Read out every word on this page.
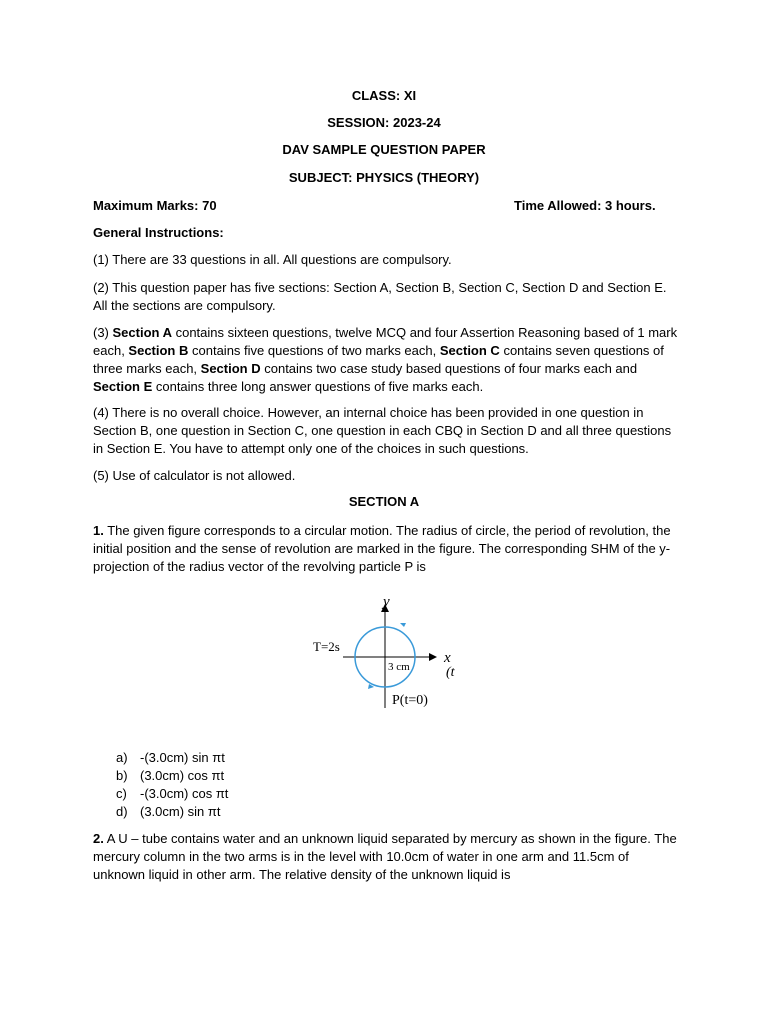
CLASS: XI
SESSION: 2023-24
DAV SAMPLE QUESTION PAPER
SUBJECT: PHYSICS (THEORY)
Maximum Marks: 70	Time Allowed: 3 hours.
General Instructions:
(1) There are 33 questions in all. All questions are compulsory.
(2) This question paper has five sections: Section A, Section B, Section C, Section D and Section E. All the sections are compulsory.
(3) Section A contains sixteen questions, twelve MCQ and four Assertion Reasoning based of 1 mark each, Section B contains five questions of two marks each, Section C contains seven questions of three marks each, Section D contains two case study based questions of four marks each and Section E contains three long answer questions of five marks each.
(4) There is no overall choice. However, an internal choice has been provided in one question in Section B, one question in Section C, one question in each CBQ in Section D and all three questions in Section E. You have to attempt only one of the choices in such questions.
(5) Use of calculator is not allowed.
SECTION A
1. The given figure corresponds to a circular motion. The radius of circle, the period of revolution, the initial position and the sense of revolution are marked in the figure. The corresponding SHM of the y-projection of the radius vector of the revolving particle P is
y
x
T=2s
3 cm	(t
P(t=0)
a) -(3.0cm) sin πt
b) (3.0cm) cos πt
c) -(3.0cm) cos πt
d) (3.0cm) sin πt
2. A U – tube contains water and an unknown liquid separated by mercury as shown in the figure. The mercury column in the two arms is in the level with 10.0cm of water in one arm and 11.5cm of unknown liquid in other arm. The relative density of the unknown liquid is
